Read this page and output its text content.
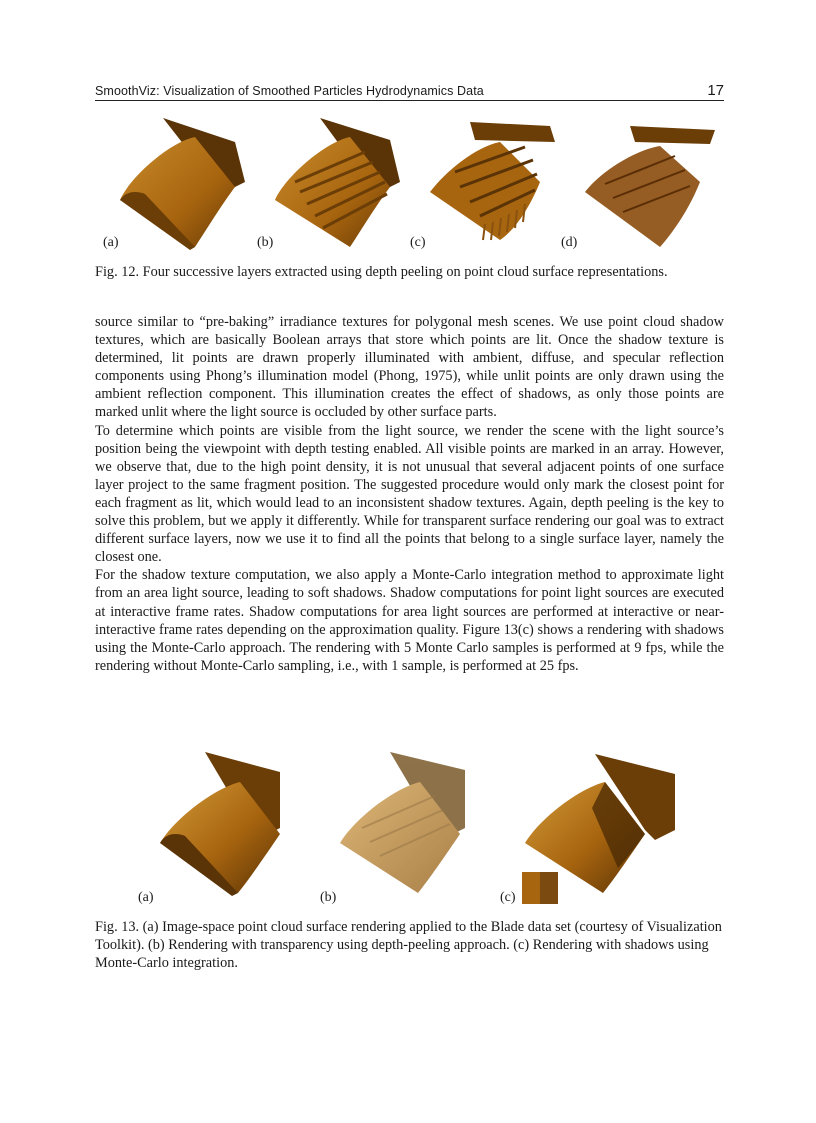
SmoothViz: Visualization of Smoothed Particles Hydrodynamics Data	17
(a)	(b)	(c)	(d)
Fig. 12. Four successive layers extracted using depth peeling on point cloud surface representations.

source similar to “pre-baking” irradiance textures for polygonal mesh scenes. We use point cloud shadow textures, which are basically Boolean arrays that store which points are lit. Once the shadow texture is determined, lit points are drawn properly illuminated with ambient, diffuse, and specular reflection components using Phong’s illumination model (Phong, 1975), while unlit points are only drawn using the ambient reflection component. This illumination creates the effect of shadows, as only those points are marked unlit where the light source is occluded by other surface parts.

To determine which points are visible from the light source, we render the scene with the light source’s position being the viewpoint with depth testing enabled. All visible points are marked in an array. However, we observe that, due to the high point density, it is not unusual that several adjacent points of one surface layer project to the same fragment position. The suggested procedure would only mark the closest point for each fragment as lit, which would lead to an inconsistent shadow textures. Again, depth peeling is the key to solve this problem, but we apply it differently. While for transparent surface rendering our goal was to extract different surface layers, now we use it to find all the points that belong to a single surface layer, namely the closest one.

For the shadow texture computation, we also apply a Monte-Carlo integration method to approximate light from an area light source, leading to soft shadows. Shadow computations for point light sources are executed at interactive frame rates. Shadow computations for area light sources are performed at interactive or near-interactive frame rates depending on the approximation quality. Figure 13(c) shows a rendering with shadows using the Monte-Carlo approach. The rendering with 5 Monte Carlo samples is performed at 9 fps, while the rendering without Monte-Carlo sampling, i.e., with 1 sample, is performed at 25 fps.

(a)	(b)	(c)
Fig. 13. (a) Image-space point cloud surface rendering applied to the Blade data set (courtesy of Visualization Toolkit). (b) Rendering with transparency using depth-peeling approach. (c) Rendering with shadows using Monte-Carlo integration.
